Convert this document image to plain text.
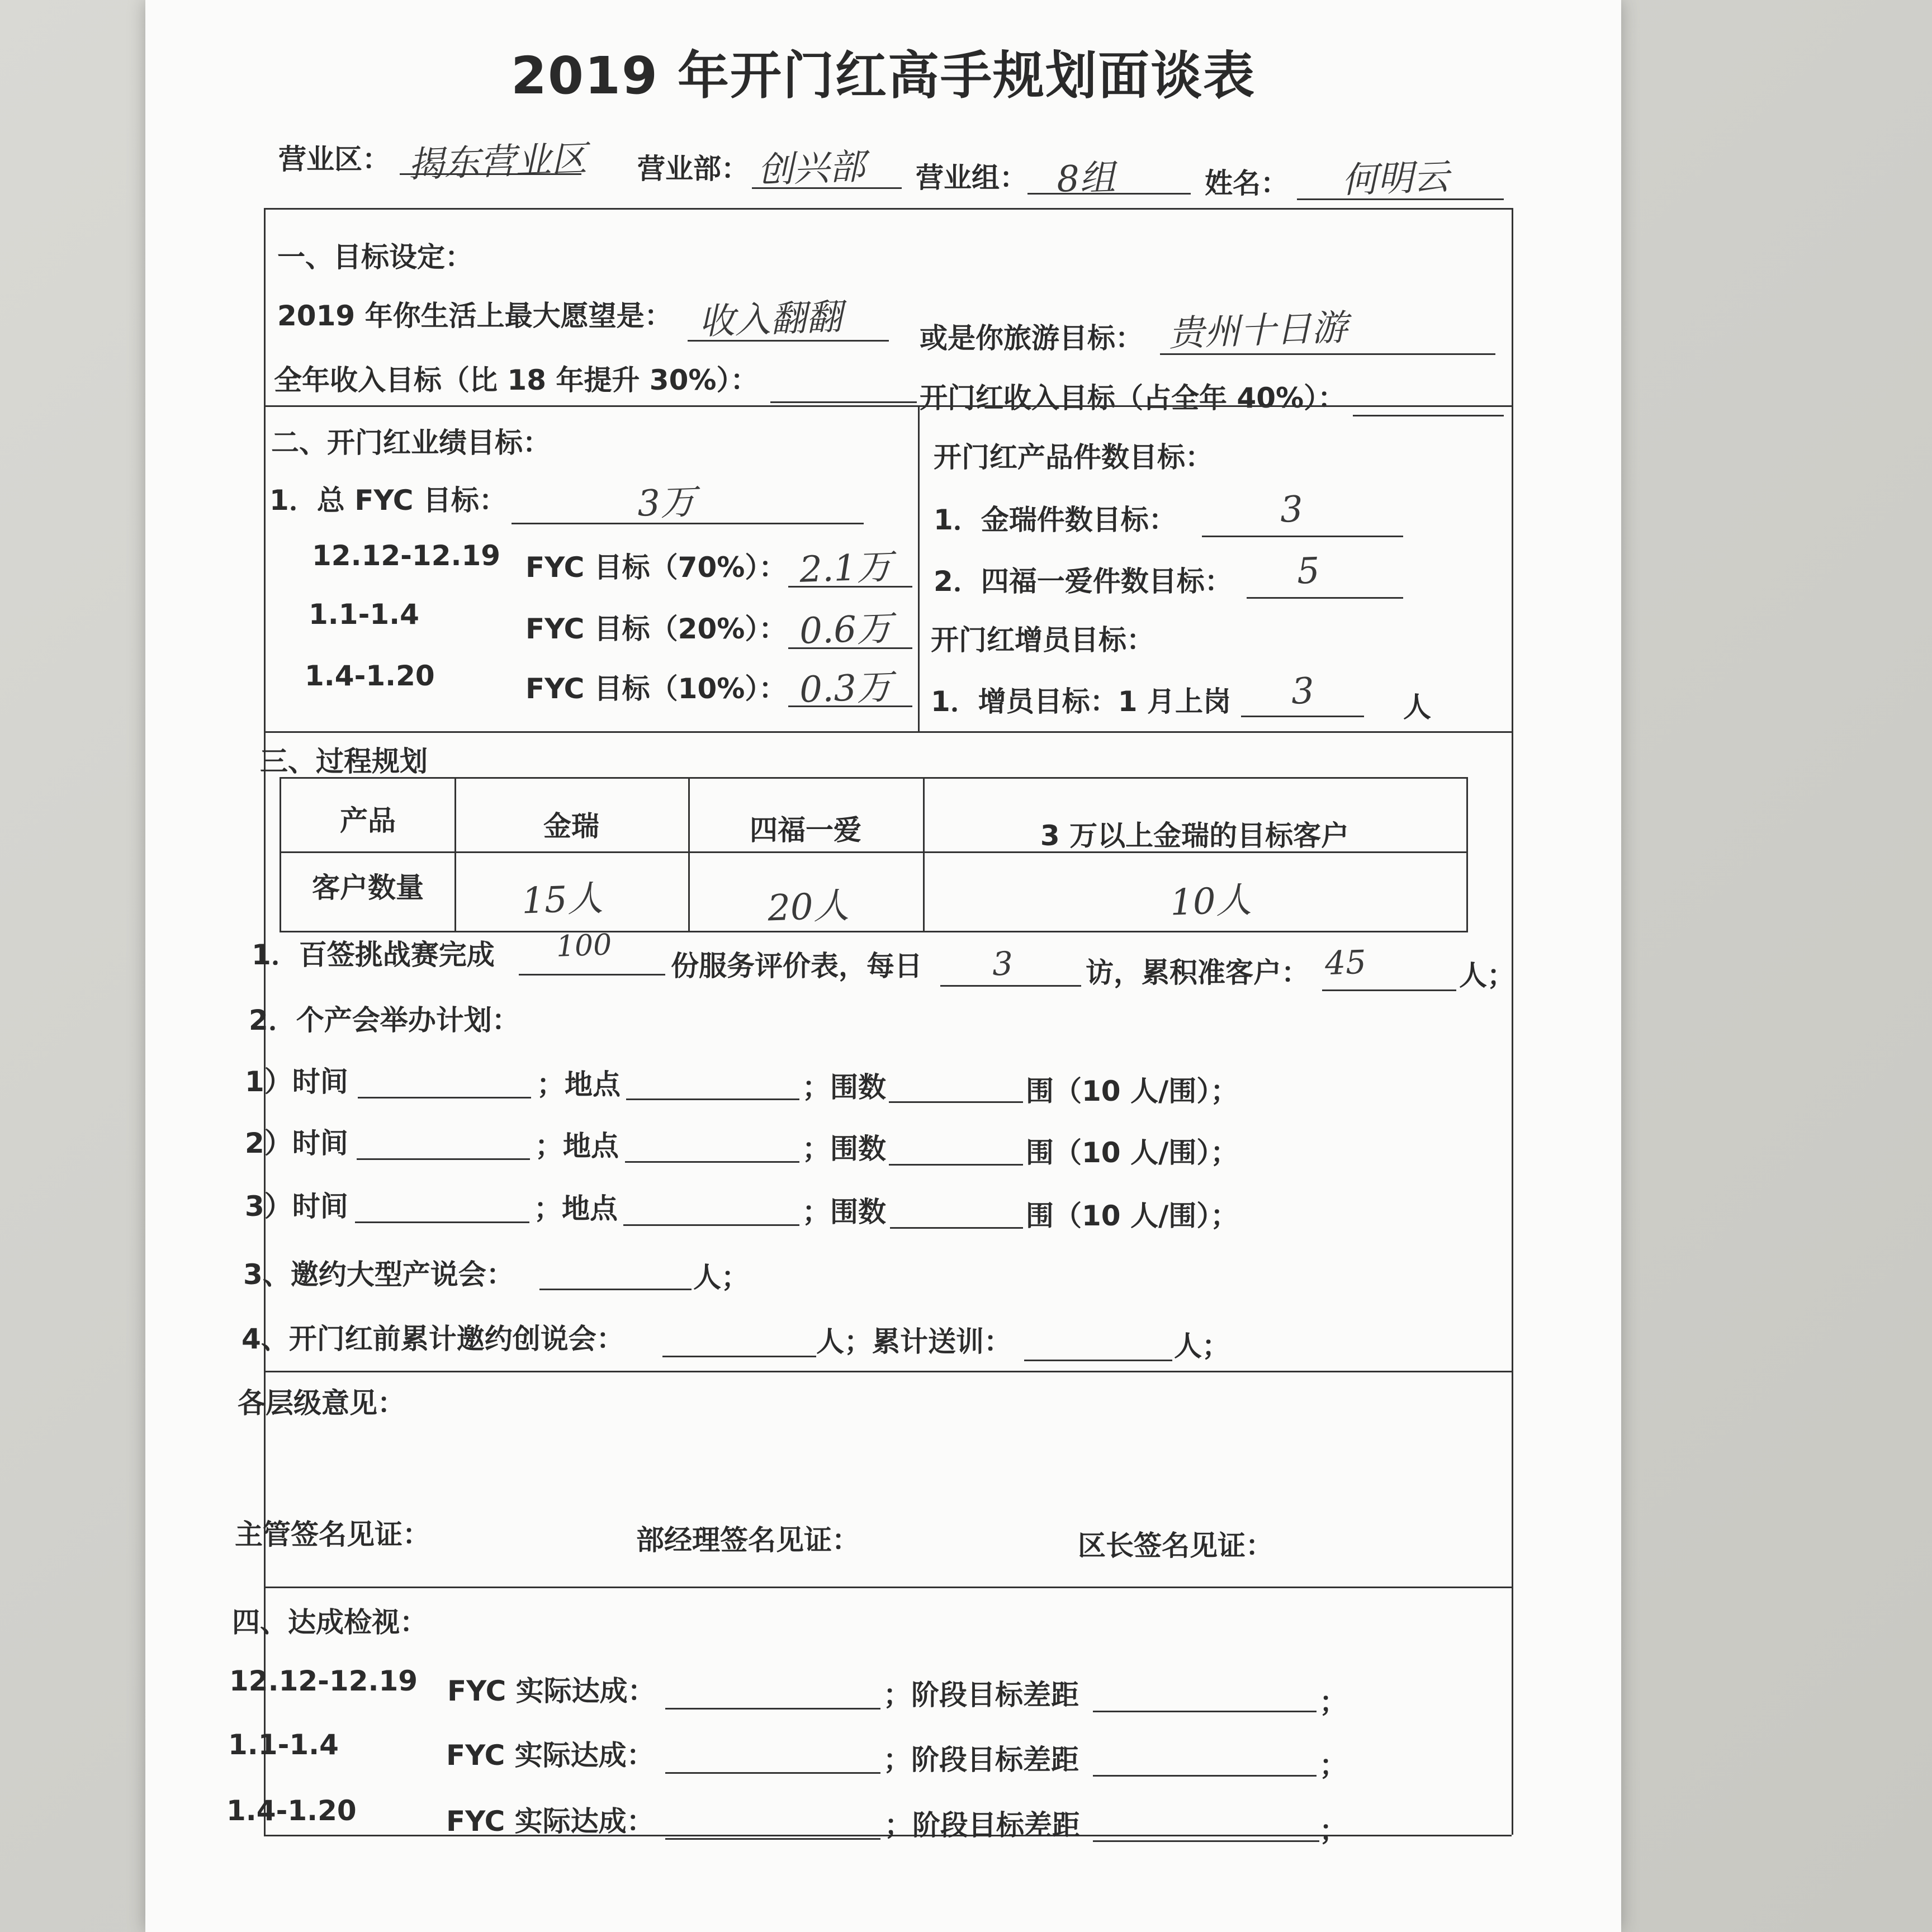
2019 年开门红高手规划面谈表
营业区： 揭东营业区 营业部： 创兴部 营业组： 8组	姓名： 何明云
一、目标设定：
2019 年你生活上最大愿望是： 收入翻翻	或是你旅游目标： 贵州十日游
全年收入目标（比 18 年提升 30%）：
开门红收入目标（占全年 40%）：
二、开门红业绩目标：
1．总 FYC 目标：	3万
12.12-12.19 FYC 目标（70%）： 2.1万
1.1-1.4	FYC 目标（20%）： 0.6万
1.4-1.20	FYC 目标（10%）： 0.3万
开门红产品件数目标：
1．金瑞件数目标：	3
2．四福一爱件数目标： 5
开门红增员目标：
1．增员目标：1 月上岗 3	人
三、过程规划
产品	金瑞	四福一爱	3 万以上金瑞的目标客户
客户数量	15人	20人	10人
1．百签挑战赛完成 100
份服务评价表，每日 3	访，累积准客户： 45	人；
2．个产会举办计划：
1）时间	；地点	；围数	围（10 人/围）；
2）时间	；地点	；围数	围（10 人/围）；
3）时间	；地点	；围数	围（10 人/围）；
3、邀约大型产说会：	人；
4、开门红前累计邀约创说会：	人；累计送训：	人；
各层级意见：
主管签名见证：	部经理签名见证：	区长签名见证：
四、达成检视：
12.12-12.19 FYC 实际达成：	；阶段目标差距	；
1.1-1.4	FYC 实际达成：	；阶段目标差距	；
1.4-1.20	FYC 实际达成：	；阶段目标差距	；
